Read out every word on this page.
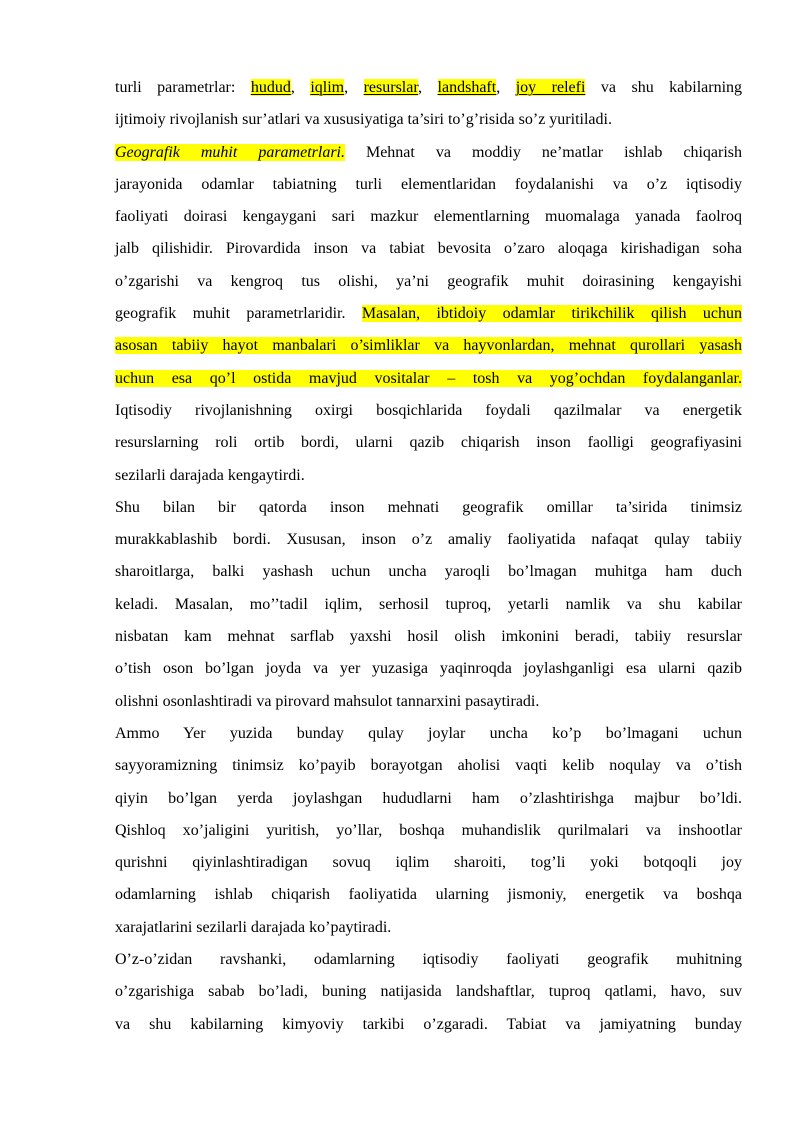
turli parametrlar: hudud, iqlim, resurslar, landshaft, joy relefi va shu kabilarning
ijtimoiy rivojlanish sur’atlari va xususiyatiga ta’siri to’g’risida so’z yuritiladi.
Geografik muhit parametrlari. Mehnat va moddiy ne’matlar ishlab chiqarish
jarayonida odamlar tabiatning turli elementlaridan foydalanishi va o’z iqtisodiy
faoliyati doirasi kengaygani sari mazkur elementlarning muomalaga yanada faolroq
jalb qilishidir. Pirovardida inson va tabiat bevosita o’zaro aloqaga kirishadigan soha
o’zgarishi va kengroq tus olishi, ya’ni geografik muhit doirasining kengayishi
geografik muhit parametrlaridir. Masalan, ibtidoiy odamlar tirikchilik qilish uchun
asosan tabiiy hayot manbalari o’simliklar va hayvonlardan, mehnat qurollari yasash
uchun esa qo’l ostida mavjud vositalar – tosh va yog’ochdan foydalanganlar.
Iqtisodiy rivojlanishning oxirgi bosqichlarida foydali qazilmalar va energetik
resurslarning roli ortib bordi, ularni qazib chiqarish inson faolligi geografiyasini
sezilarli darajada kengaytirdi.
Shu bilan bir qatorda inson mehnati geografik omillar ta’sirida tinimsiz
murakkablashib bordi. Xususan, inson o’z amaliy faoliyatida nafaqat qulay tabiiy
sharoitlarga, balki yashash uchun uncha yaroqli bo’lmagan muhitga ham duch
keladi. Masalan, mo’’tadil iqlim, serhosil tuproq, yetarli namlik va shu kabilar
nisbatan kam mehnat sarflab yaxshi hosil olish imkonini beradi, tabiiy resurslar
o’tish oson bo’lgan joyda va yer yuzasiga yaqinroqda joylashganligi esa ularni qazib
olishni osonlashtiradi va pirovard mahsulot tannarxini pasaytiradi.
Ammo Yer yuzida bunday qulay joylar uncha ko’p bo’lmagani uchun
sayyoramizning tinimsiz ko’payib borayotgan aholisi vaqti kelib noqulay va o’tish
qiyin bo’lgan yerda joylashgan hududlarni ham o’zlashtirishga majbur bo’ldi.
Qishloq xo’jaligini yuritish, yo’llar, boshqa muhandislik qurilmalari va inshootlar
qurishni qiyinlashtiradigan sovuq iqlim sharoiti, tog’li yoki botqoqli joy
odamlarning ishlab chiqarish faoliyatida ularning jismoniy, energetik va boshqa
xarajatlarini sezilarli darajada ko’paytiradi.
O’z-o’zidan ravshanki, odamlarning iqtisodiy faoliyati geografik muhitning
o’zgarishiga sabab bo’ladi, buning natijasida landshaftlar, tuproq qatlami, havo, suv
va shu kabilarning kimyoviy tarkibi o’zgaradi. Tabiat va jamiyatning bunday
